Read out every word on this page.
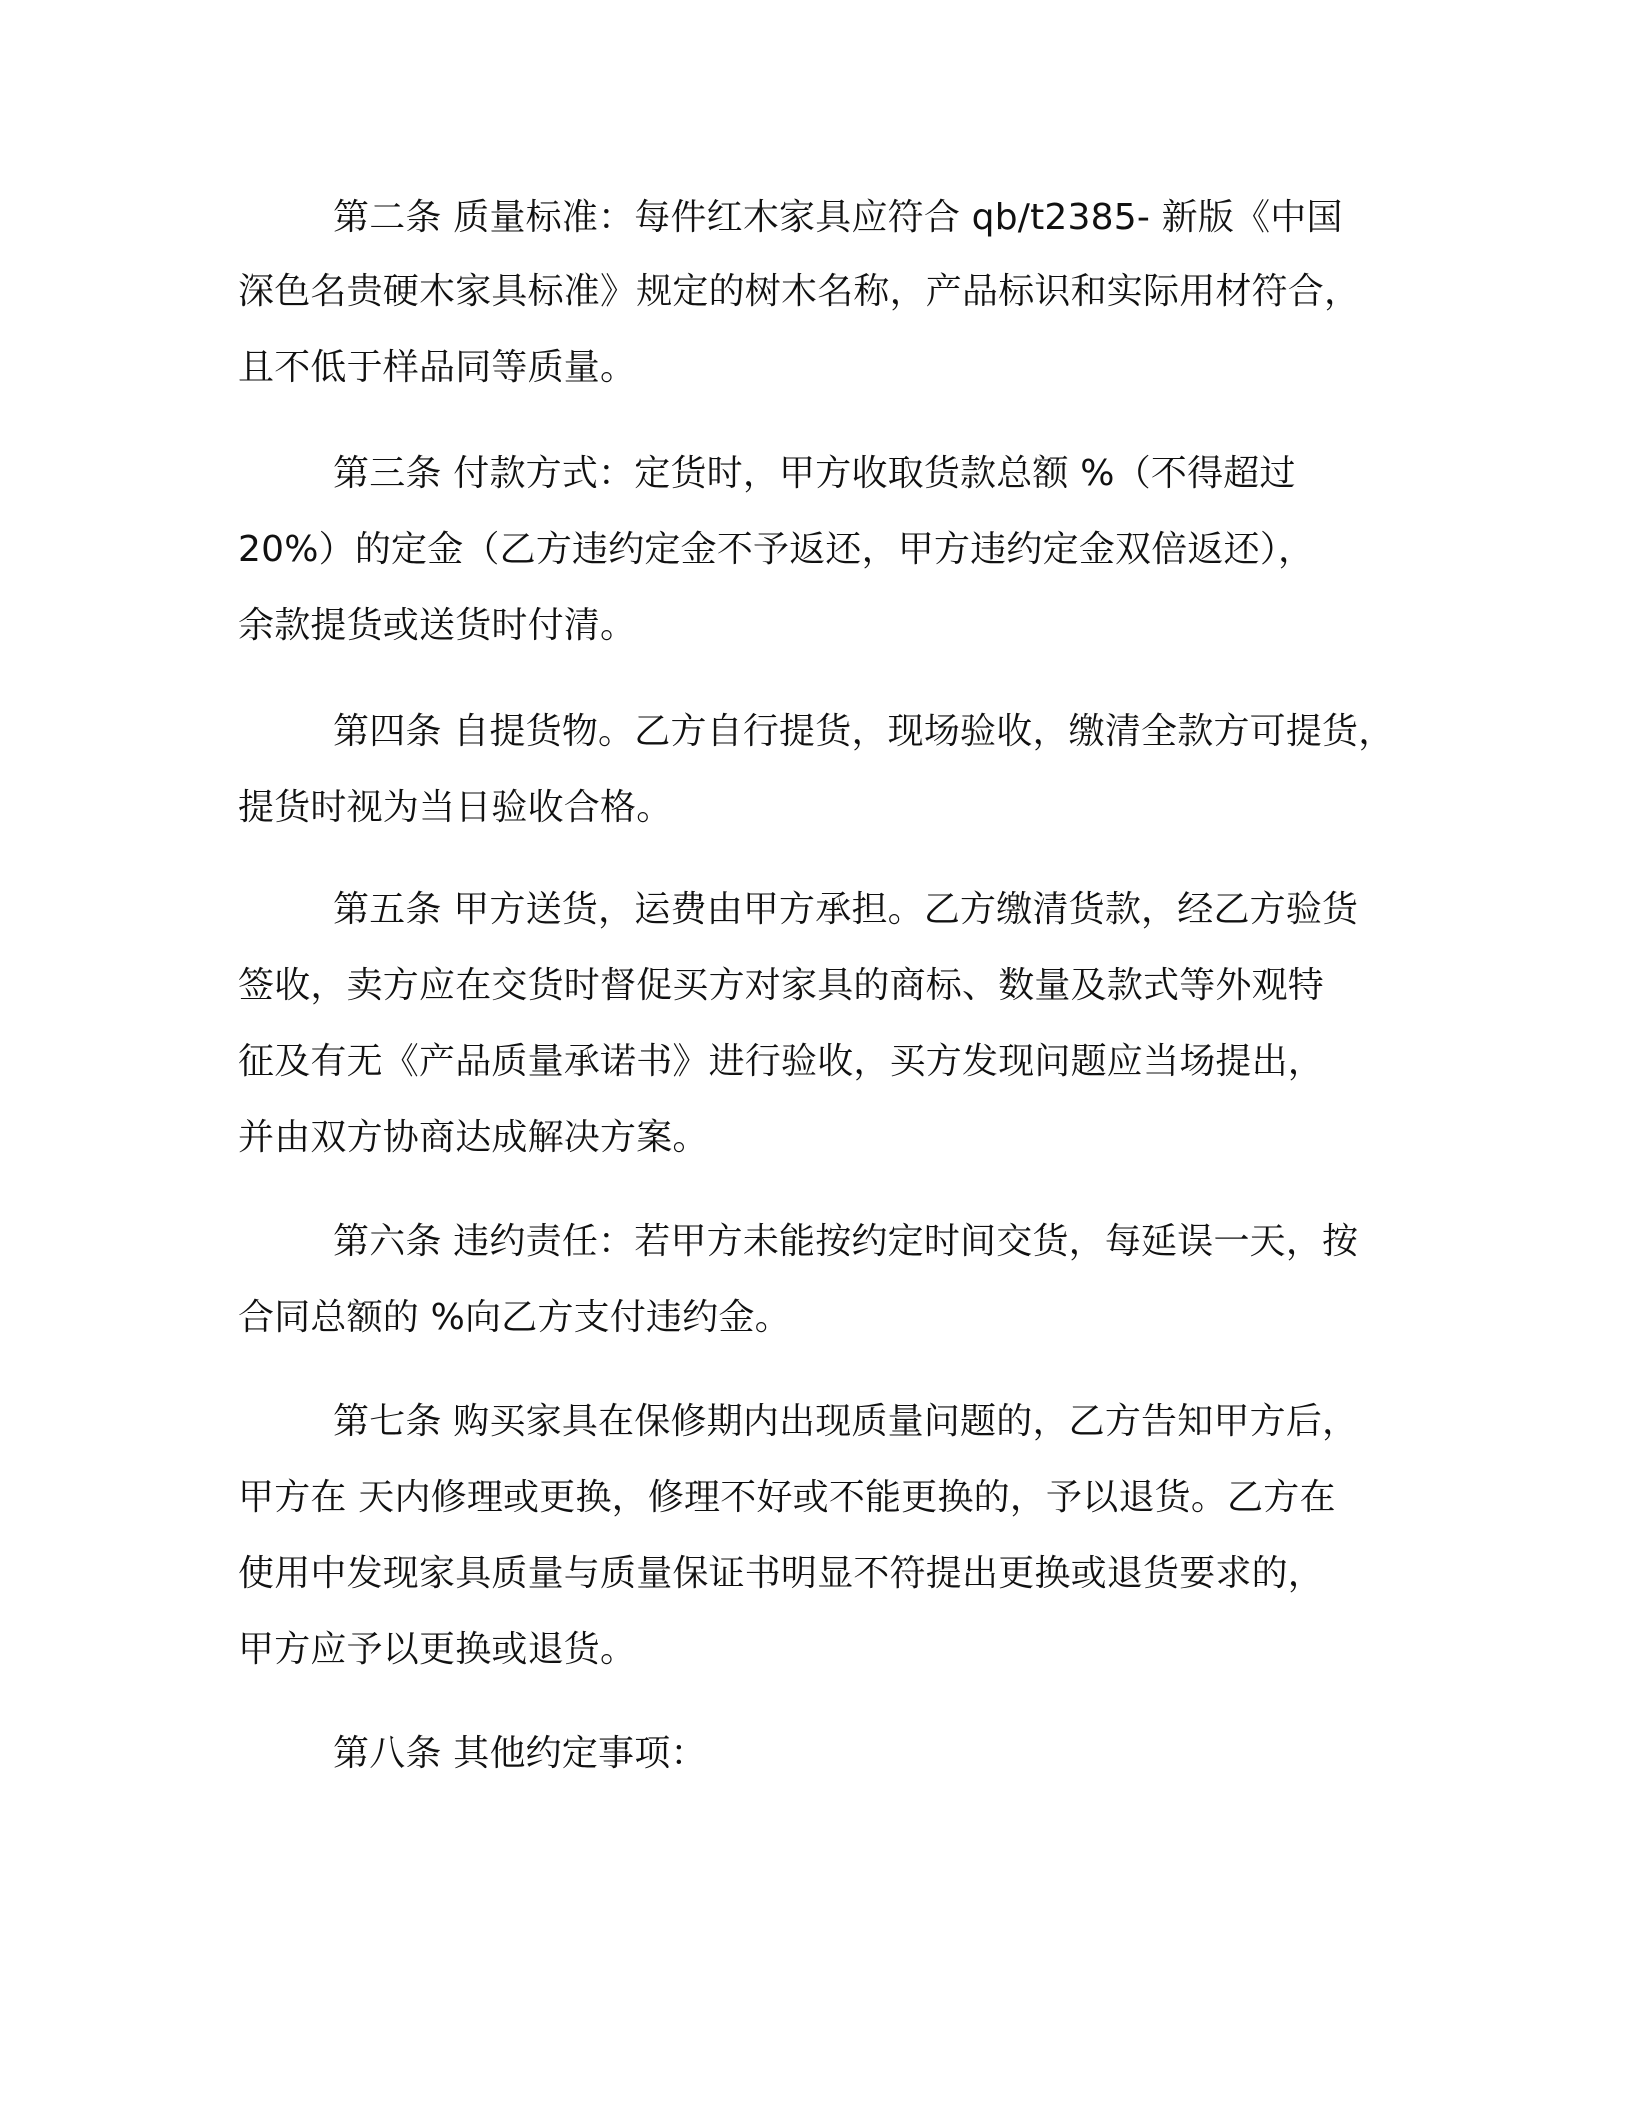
第二条 质量标准：每件红木家具应符合 qb/t2385- 新版《中国
深色名贵硬木家具标准》规定的树木名称，产品标识和实际用材符合，
且不低于样品同等质量。
第三条 付款方式：定货时，甲方收取货款总额 %（不得超过
20%）的定金（乙方违约定金不予返还，甲方违约定金双倍返还），
余款提货或送货时付清。
第四条 自提货物。乙方自行提货，现场验收，缴清全款方可提货，
提货时视为当日验收合格。
第五条 甲方送货，运费由甲方承担。乙方缴清货款，经乙方验货
签收，卖方应在交货时督促买方对家具的商标、数量及款式等外观特
征及有无《产品质量承诺书》进行验收，买方发现问题应当场提出，
并由双方协商达成解决方案。
第六条 违约责任：若甲方未能按约定时间交货，每延误一天，按
合同总额的 %向乙方支付违约金。
第七条 购买家具在保修期内出现质量问题的，乙方告知甲方后，
甲方在 天内修理或更换，修理不好或不能更换的，予以退货。乙方在
使用中发现家具质量与质量保证书明显不符提出更换或退货要求的，
甲方应予以更换或退货。
第八条 其他约定事项：
